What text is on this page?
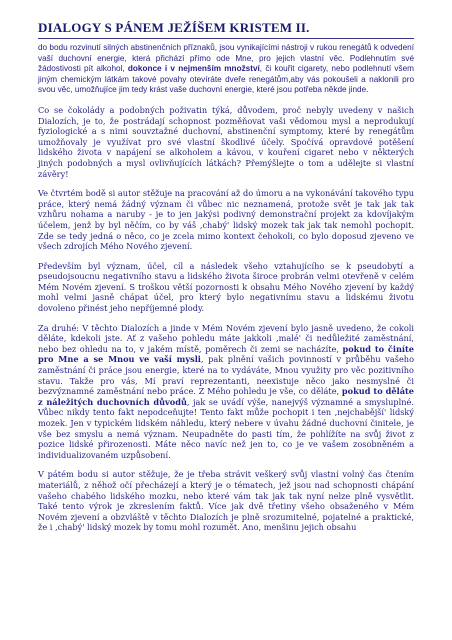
DIALOGY S PÁNEM JEŽÍŠEM KRISTEM II.

do bodu rozvinutí silných abstinenčních příznaků, jsou vynikajícími nástroji v rukou renegátů k odvedení vaší duchovní energie, která přichází přímo ode Mne, pro jejich vlastní věc. Podlehnutím své žádostivosti pít alkohol, dokonce i v nejmenším množství, či kouřit cigarety, nebo podlehnutí všem jiným chemickým látkám takové povahy otevíráte dveře renegátům,aby vás pokoušeli a naklonili pro svou věc, umožňujíce jim tedy krást vaše duchovní energie, které jsou potřeba někde jinde.

Co se čokolády a podobných poživatin týká, důvodem, proč nebyly uvedeny v našich Dialozích, je to, že postrádají schopnost pozměňovat vaši vědomou mysl a neprodukují fyziologické a s nimi souvztažné duchovní, abstinenční symptomy, které by renegátům umožňovaly je využívat pro své vlastní škodlivé účely. Spočívá opravdové potěšení lidského života v napájení se alkoholem a kávou, v kouření cigaret nebo v některých jiných podobných a mysl ovlivňujících látkách? Přemýšlejte o tom a udělejte si vlastní závěry!

Ve čtvrtém bodě si autor stěžuje na pracování až do úmoru a na vykonávání takového typu práce, který nemá žádný význam či vůbec nic neznamená, protože svět je tak jak tak vzhůru nohama a naruby - je to jen jakýsi podivný demonstrační projekt za kdovíjakým účelem, jenž by byl něčím, co by váš ‚chabý' lidský mozek tak jak tak nemohl pochopit. Zde se tedy jedná o něco, co je zcela mimo kontext čehokoli, co bylo doposud zjeveno ve všech zdrojích Mého Nového zjevení.

Především byl význam, účel, cíl a následek všeho vztahujícího se k pseudobytí a pseudojsoucnu negativního stavu a lidského života široce probrán velmi otevřeně v celém Mém Novém zjevení. S troškou větší pozornosti k obsahu Mého Nového zjevení by každý mohl velmi jasně chápat účel, pro který bylo negativnímu stavu a lidskému životu dovoleno přinést jeho nepříjemné plody.

Za druhé: V těchto Dialozích a jinde v Mém Novém zjevení bylo jasně uvedeno, že cokoli děláte, kdekoli jste. Ať z vašeho pohledu máte jakkoli ‚malé' či nedůležité zaměstnání, nebo bez ohledu na to, v jakém místě, poměrech či zemi se nacházíte, pokud to činíte pro Mne a se Mnou ve vaší mysli, pak plnění vašich povinností v průběhu vašeho zaměstnání či práce jsou energie, které na to vydáváte, Mnou využity pro věc pozitivního stavu. Takže pro vás, Mí praví reprezentanti, neexistuje něco jako nesmyslné či bezvýznamné zaměstnání nebo práce. Z Mého pohledu je vše, co děláte, pokud to děláte z náležitých duchovních důvodů, jak se uvádí výše, nanejvýš významné a smysluplné. Vůbec nikdy tento fakt nepodceňujte! Tento fakt může pochopit i ten ‚nejchabější' lidský mozek. Jen v typickém lidském náhledu, který nebere v úvahu žádné duchovní činitele, je vše bez smyslu a nemá význam. Neupadněte do pasti tím, že pohlížíte na svůj život z pozice lidské přirozenosti. Máte něco navíc než jen to, co je ve vašem zosobněném a individualizovaném uzpůsobení.

V pátém bodu si autor stěžuje, že je třeba strávit veškerý svůj vlastní volný čas čtením materiálů, z něhož očí přecházejí a který je o tématech, jež jsou nad schopnosti chápání vašeho chabého lidského mozku, nebo které vám tak jak tak nyní nelze plně vysvětlit. Také tento výrok je zkreslením faktů. Více jak dvě třetiny všeho obsaženého v Mém Novém zjevení a obzvláště v těchto Dialozích je plně srozumitelné, pojatelné a praktické, že i ‚chabý' lidský mozek by tomu mohl rozumět. Ano, menšinu jejich obsahu
